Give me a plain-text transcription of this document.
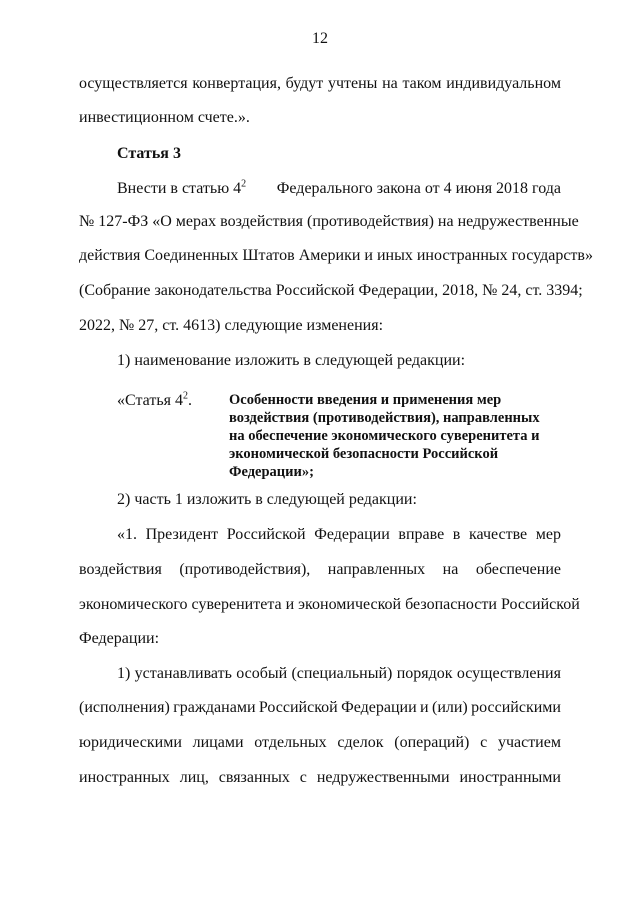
12
осуществляется конвертация, будут учтены на таком индивидуальном
инвестиционном счете.».
Статья 3
Внести в статью $4^2$ Федерального закона от 4 июня 2018 года
№ 127-ФЗ «О мерах воздействия (противодействия) на недружественные
действия Соединенных Штатов Америки и иных иностранных государств»
(Собрание законодательства Российской Федерации, 2018, № 24, ст. 3394;
2022, № 27, ст. 4613) следующие изменения:
1) наименование изложить в следующей редакции:
«Статья $4^2$.	Особенности введения и применения мер
воздействия (противодействия), направленных
на обеспечение экономического суверенитета и
экономической безопасности Российской
Федерации»;
2) часть 1 изложить в следующей редакции:
«1. Президент Российской Федерации вправе в качестве мер
воздействия (противодействия), направленных на обеспечение
экономического суверенитета и экономической безопасности Российской
Федерации:
1) устанавливать особый (специальный) порядок осуществления
(исполнения) гражданами Российской Федерации и (или) российскими
юридическими лицами отдельных сделок (операций) с участием
иностранных лиц, связанных с недружественными иностранными
